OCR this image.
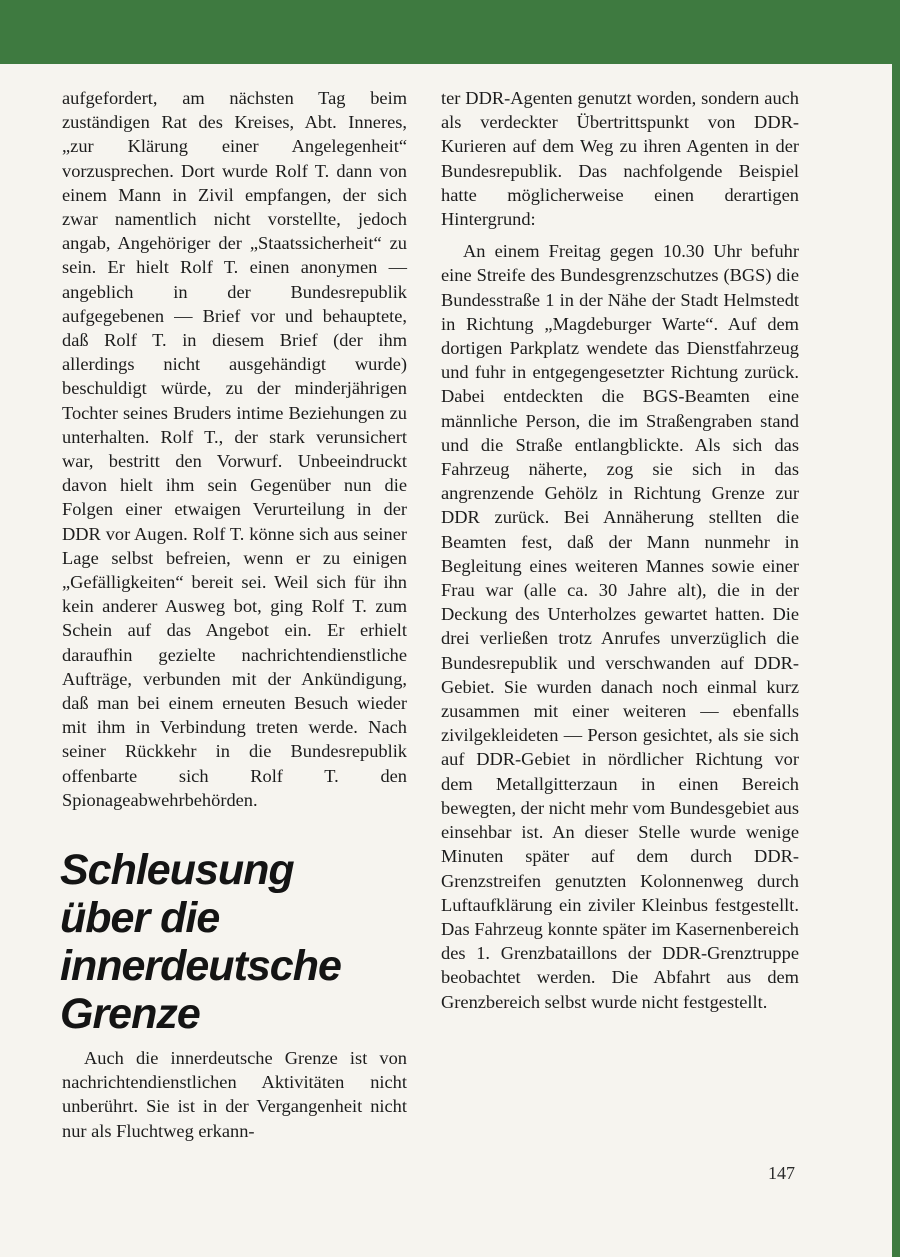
aufgefordert, am nächsten Tag beim zuständigen Rat des Kreises, Abt. Inneres, „zur Klärung einer Angelegenheit“ vorzusprechen. Dort wurde Rolf T. dann von einem Mann in Zivil empfangen, der sich zwar namentlich nicht vorstellte, jedoch angab, Angehöriger der „Staatssicherheit“ zu sein. Er hielt Rolf T. einen anonymen — angeblich in der Bundesrepublik aufgegebenen — Brief vor und behauptete, daß Rolf T. in diesem Brief (der ihm allerdings nicht ausgehändigt wurde) beschuldigt würde, zu der minderjährigen Tochter seines Bruders intime Beziehungen zu unterhalten. Rolf T., der stark verunsichert war, bestritt den Vorwurf. Unbeeindruckt davon hielt ihm sein Gegenüber nun die Folgen einer etwaigen Verurteilung in der DDR vor Augen. Rolf T. könne sich aus seiner Lage selbst befreien, wenn er zu einigen „Gefälligkeiten“ bereit sei. Weil sich für ihn kein anderer Ausweg bot, ging Rolf T. zum Schein auf das Angebot ein. Er erhielt daraufhin gezielte nachrichtendienstliche Aufträge, verbunden mit der Ankündigung, daß man bei einem erneuten Besuch wieder mit ihm in Verbindung treten werde. Nach seiner Rückkehr in die Bundesrepublik offenbarte sich Rolf T. den Spionageabwehrbehörden.

Schleusung
über die
innerdeutsche
Grenze

Auch die innerdeutsche Grenze ist von nachrichtendienstlichen Aktivitäten nicht unberührt. Sie ist in der Vergangenheit nicht nur als Fluchtweg erkann-

ter DDR-Agenten genutzt worden, sondern auch als verdeckter Übertrittspunkt von DDR-Kurieren auf dem Weg zu ihren Agenten in der Bundesrepublik. Das nachfolgende Beispiel hatte möglicherweise einen derartigen Hintergrund:

An einem Freitag gegen 10.30 Uhr befuhr eine Streife des Bundesgrenzschutzes (BGS) die Bundesstraße 1 in der Nähe der Stadt Helmstedt in Richtung „Magdeburger Warte“. Auf dem dortigen Parkplatz wendete das Dienstfahrzeug und fuhr in entgegengesetzter Richtung zurück. Dabei entdeckten die BGS-Beamten eine männliche Person, die im Straßengraben stand und die Straße entlangblickte. Als sich das Fahrzeug näherte, zog sie sich in das angrenzende Gehölz in Richtung Grenze zur DDR zurück. Bei Annäherung stellten die Beamten fest, daß der Mann nunmehr in Begleitung eines weiteren Mannes sowie einer Frau war (alle ca. 30 Jahre alt), die in der Deckung des Unterholzes gewartet hatten. Die drei verließen trotz Anrufes unverzüglich die Bundesrepublik und verschwanden auf DDR-Gebiet. Sie wurden danach noch einmal kurz zusammen mit einer weiteren — ebenfalls zivilgekleideten — Person gesichtet, als sie sich auf DDR-Gebiet in nördlicher Richtung vor dem Metallgitterzaun in einen Bereich bewegten, der nicht mehr vom Bundesgebiet aus einsehbar ist. An dieser Stelle wurde wenige Minuten später auf dem durch DDR-Grenzstreifen genutzten Kolonnenweg durch Luftaufklärung ein ziviler Kleinbus festgestellt. Das Fahrzeug konnte später im Kasernenbereich des 1. Grenzbataillons der DDR-Grenztruppe beobachtet werden. Die Abfahrt aus dem Grenzbereich selbst wurde nicht festgestellt.

147
